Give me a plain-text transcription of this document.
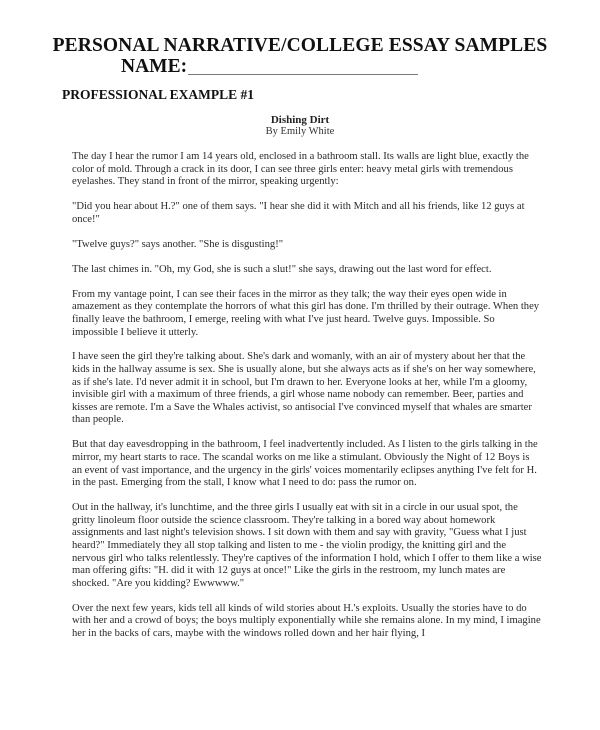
PERSONAL NARRATIVE/COLLEGE ESSAY SAMPLES
NAME:
PROFESSIONAL EXAMPLE #1
Dishing Dirt
By Emily White

The day I hear the rumor I am 14 years old, enclosed in a bathroom stall. Its walls are light blue, exactly the color of mold. Through a crack in its door, I can see three girls enter: heavy metal girls with tremendous eyelashes. They stand in front of the mirror, speaking urgently:

"Did you hear about H.?" one of them says. "I hear she did it with Mitch and all his friends, like 12 guys at once!"

"Twelve guys?" says another. "She is disgusting!"

The last chimes in. "Oh, my God, she is such a slut!" she says, drawing out the last word for effect.

From my vantage point, I can see their faces in the mirror as they talk; the way their eyes open wide in amazement as they contemplate the horrors of what this girl has done. I'm thrilled by their outrage. When they finally leave the bathroom, I emerge, reeling with what I've just heard. Twelve guys. Impossible. So impossible I believe it utterly.

I have seen the girl they're talking about. She's dark and womanly, with an air of mystery about her that the kids in the hallway assume is sex. She is usually alone, but she always acts as if she's on her way somewhere, as if she's late. I'd never admit it in school, but I'm drawn to her. Everyone looks at her, while I'm a gloomy, invisible girl with a maximum of three friends, a girl whose name nobody can remember. Beer, parties and kisses are remote. I'm a Save the Whales activist, so antisocial I've convinced myself that whales are smarter than people.

But that day eavesdropping in the bathroom, I feel inadvertently included. As I listen to the girls talking in the mirror, my heart starts to race. The scandal works on me like a stimulant. Obviously the Night of 12 Boys is an event of vast importance, and the urgency in the girls' voices momentarily eclipses anything I've felt for H. in the past. Emerging from the stall, I know what I need to do: pass the rumor on.

Out in the hallway, it's lunchtime, and the three girls I usually eat with sit in a circle in our usual spot, the gritty linoleum floor outside the science classroom. They're talking in a bored way about homework assignments and last night's television shows. I sit down with them and say with gravity, "Guess what I just heard?" Immediately they all stop talking and listen to me - the violin prodigy, the knitting girl and the nervous girl who talks relentlessly. They're captives of the information I hold, which I offer to them like a wise man offering gifts: "H. did it with 12 guys at once!" Like the girls in the restroom, my lunch mates are shocked. "Are you kidding? Ewwwww."

Over the next few years, kids tell all kinds of wild stories about H.'s exploits. Usually the stories have to do with her and a crowd of boys; the boys multiply exponentially while she remains alone. In my mind, I imagine her in the backs of cars, maybe with the windows rolled down and her hair flying, I
